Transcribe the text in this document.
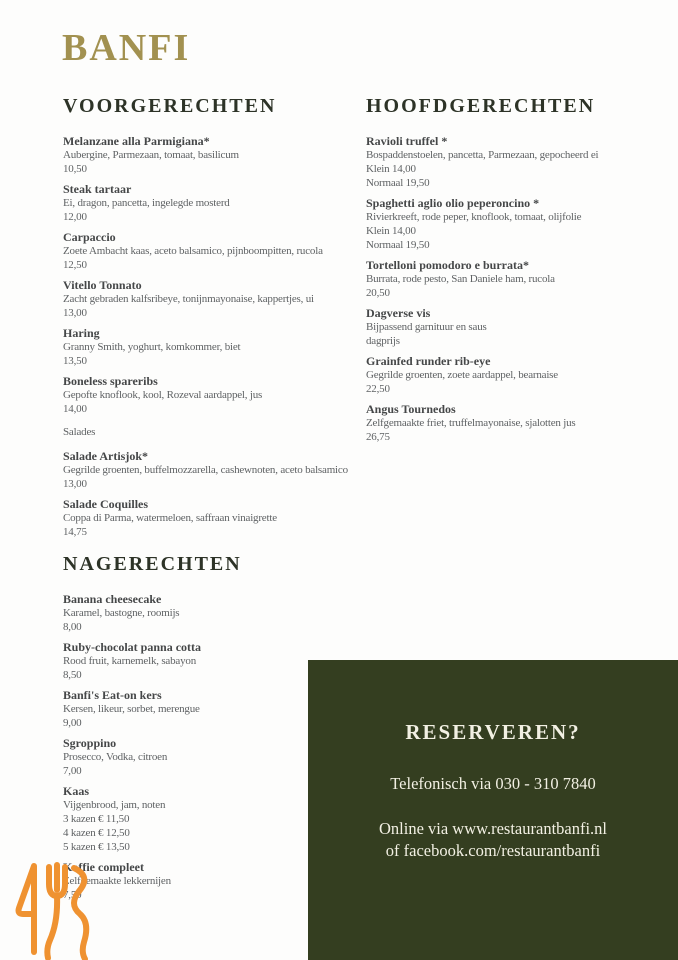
BANFI
VOORGERECHTEN
Melanzane alla Parmigiana*
Aubergine, Parmezaan, tomaat, basilicum
10,50
Steak tartaar
Ei, dragon, pancetta, ingelegde mosterd
12,00
Carpaccio
Zoete Ambacht kaas, aceto balsamico, pijnboompitten, rucola
12,50
Vitello Tonnato
Zacht gebraden kalfsribeye, tonijnmayonaise, kappertjes, ui
13,00
Haring
Granny Smith, yoghurt, komkommer, biet
13,50
Boneless spareribs
Gepofte knoflook, kool, Rozeval aardappel, jus
14,00
Salades
Salade Artisjok*
Gegrilde groenten, buffelmozzarella, cashewnoten, aceto balsamico
13,00
Salade Coquilles
Coppa di Parma, watermeloen, saffraan vinaigrette
14,75
HOOFDGERECHTEN
Ravioli truffel *
Bospaddenstoelen, pancetta, Parmezaan, gepocheerd ei
Klein 14,00
Normaal 19,50
Spaghetti aglio olio peperoncino *
Rivierkreeft, rode peper, knoflook, tomaat, olijfolie
Klein 14,00
Normaal 19,50
Tortelloni pomodoro e burrata*
Burrata, rode pesto, San Daniele ham, rucola
20,50
Dagverse vis
Bijpassend garnituur en saus
dagprijs
Grainfed runder rib-eye
Gegrilde groenten, zoete aardappel, bearnaise
22,50
Angus Tournedos
Zelfgemaakte friet, truffelmayonaise, sjalotten jus
26,75
NAGERECHTEN
Banana cheesecake
Karamel, bastogne, roomijs
8,00
Ruby-chocolat panna cotta
Rood fruit, karnemelk, sabayon
8,50
Banfi's Eat-on kers
Kersen, likeur, sorbet, merengue
9,00
Sgroppino
Prosecco, Vodka, citroen
7,00
Kaas
Vijgenbrood, jam, noten
3 kazen € 11,50
4 kazen € 12,50
5 kazen € 13,50
Koffie compleet
Zelfgemaakte lekkernijen
7,50
RESERVEREN?

Telefonisch via 030 - 310 7840

Online via www.restaurantbanfi.nl
of facebook.com/restaurantbanfi
